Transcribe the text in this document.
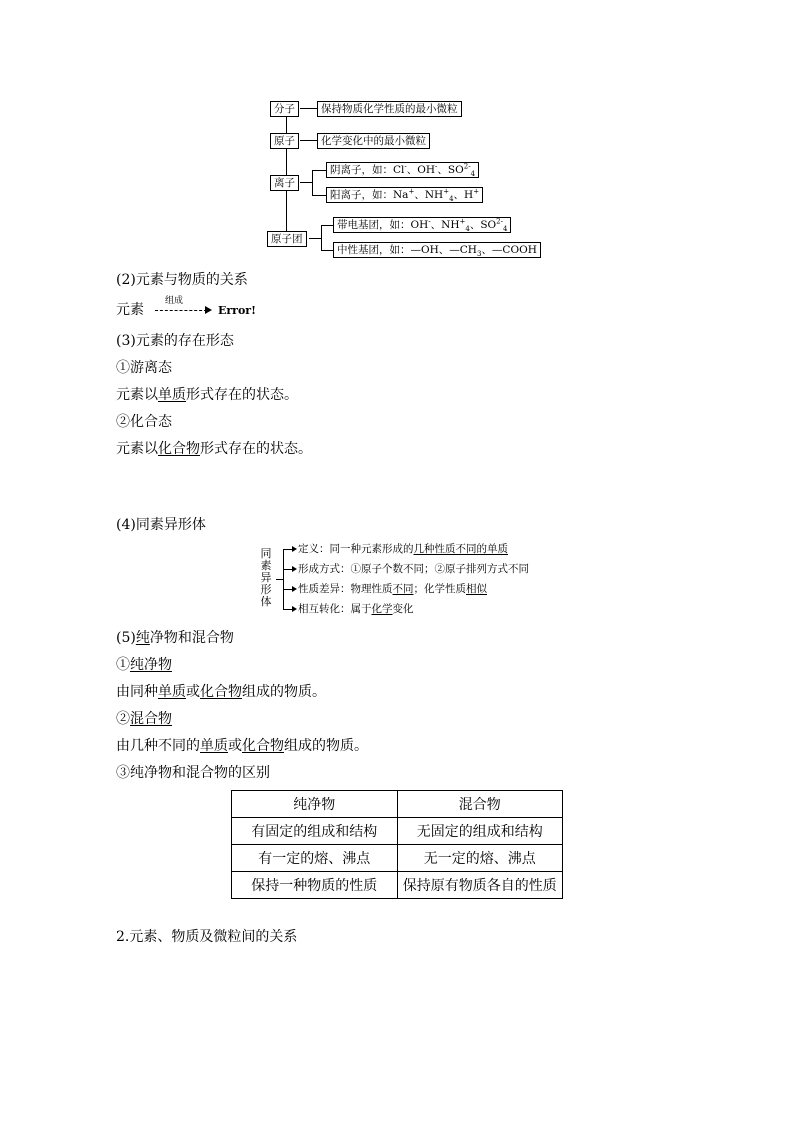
分子	保持物质化学性质的最小微粒
原子	化学变化中的最小微粒
离子
阴离子，如：Cl-、OH-、$SO^{2-}_4$
阳离子，如：Na+、$NH^+_4$、H+
原子团
带电基团，如：OH-、$NH^+_4$、$SO^{2-}_4$
中性基团，如：—OH、$—CH_3$、—COOH
(2)元素与物质的关系
元素
组成
Error!
(3)元素的存在形态
①游离态
元素以单质形式存在的状态。
②化合态
元素以化合物形式存在的状态。
(4)同素异形体
同素异形体
定义：同一种元素形成的几种性质不同的单质
形成方式：①原子个数不同；②原子排列方式不同
性质差异：物理性质不同；化学性质相似
相互转化：属于化学变化
(5)纯净物和混合物
①纯净物
由同种单质或化合物组成的物质。
②混合物
由几种不同的单质或化合物组成的物质。
③纯净物和混合物的区别
纯净物	混合物
有固定的组成和结构	无固定的组成和结构
有一定的熔、沸点	无一定的熔、沸点
保持一种物质的性质	保持原有物质各自的性质
2.元素、物质及微粒间的关系
